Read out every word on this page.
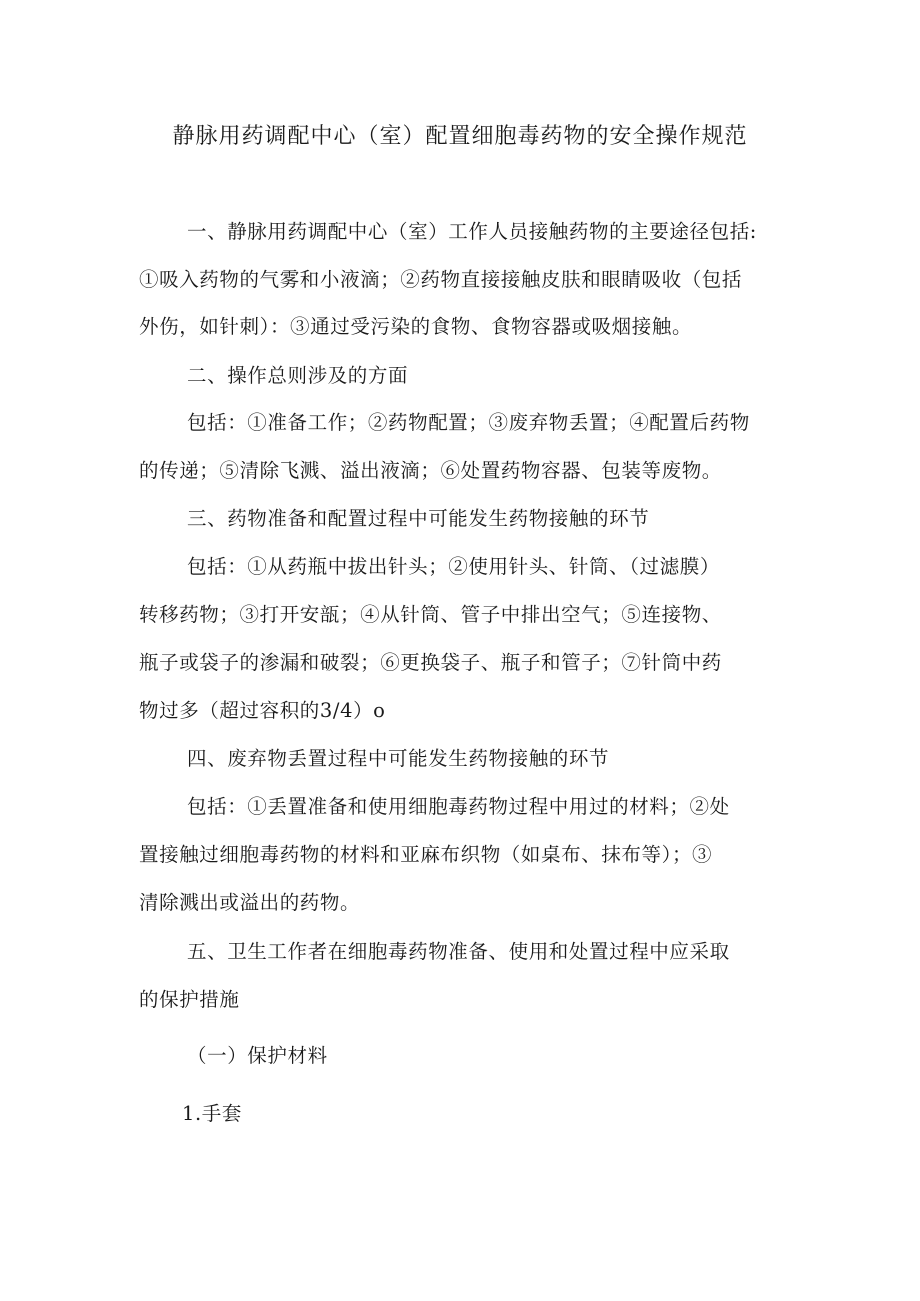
静脉用药调配中心（室）配置细胞毒药物的安全操作规范
一、静脉用药调配中心（室）工作人员接触药物的主要途径包括:
①吸入药物的气雾和小液滴；②药物直接接触皮肤和眼睛吸收（包括
外伤，如针刺）：③通过受污染的食物、食物容器或吸烟接触。
二、操作总则涉及的方面
包括：①准备工作；②药物配置；③废弃物丢置；④配置后药物
的传递；⑤清除飞溅、溢出液滴；⑥处置药物容器、包装等废物。
三、药物准备和配置过程中可能发生药物接触的环节
包括：①从药瓶中拔出针头；②使用针头、针筒、（过滤膜）
转移药物；③打开安瓿；④从针筒、管子中排出空气；⑤连接物、
瓶子或袋子的渗漏和破裂；⑥更换袋子、瓶子和管子；⑦针筒中药
物过多（超过容积的3/4）o
四、废弃物丢置过程中可能发生药物接触的环节
包括：①丢置准备和使用细胞毒药物过程中用过的材料；②处
置接触过细胞毒药物的材料和亚麻布织物（如桌布、抹布等）；③
清除溅出或溢出的药物。
五、卫生工作者在细胞毒药物准备、使用和处置过程中应采取
的保护措施
（一）保护材料
1.手套
